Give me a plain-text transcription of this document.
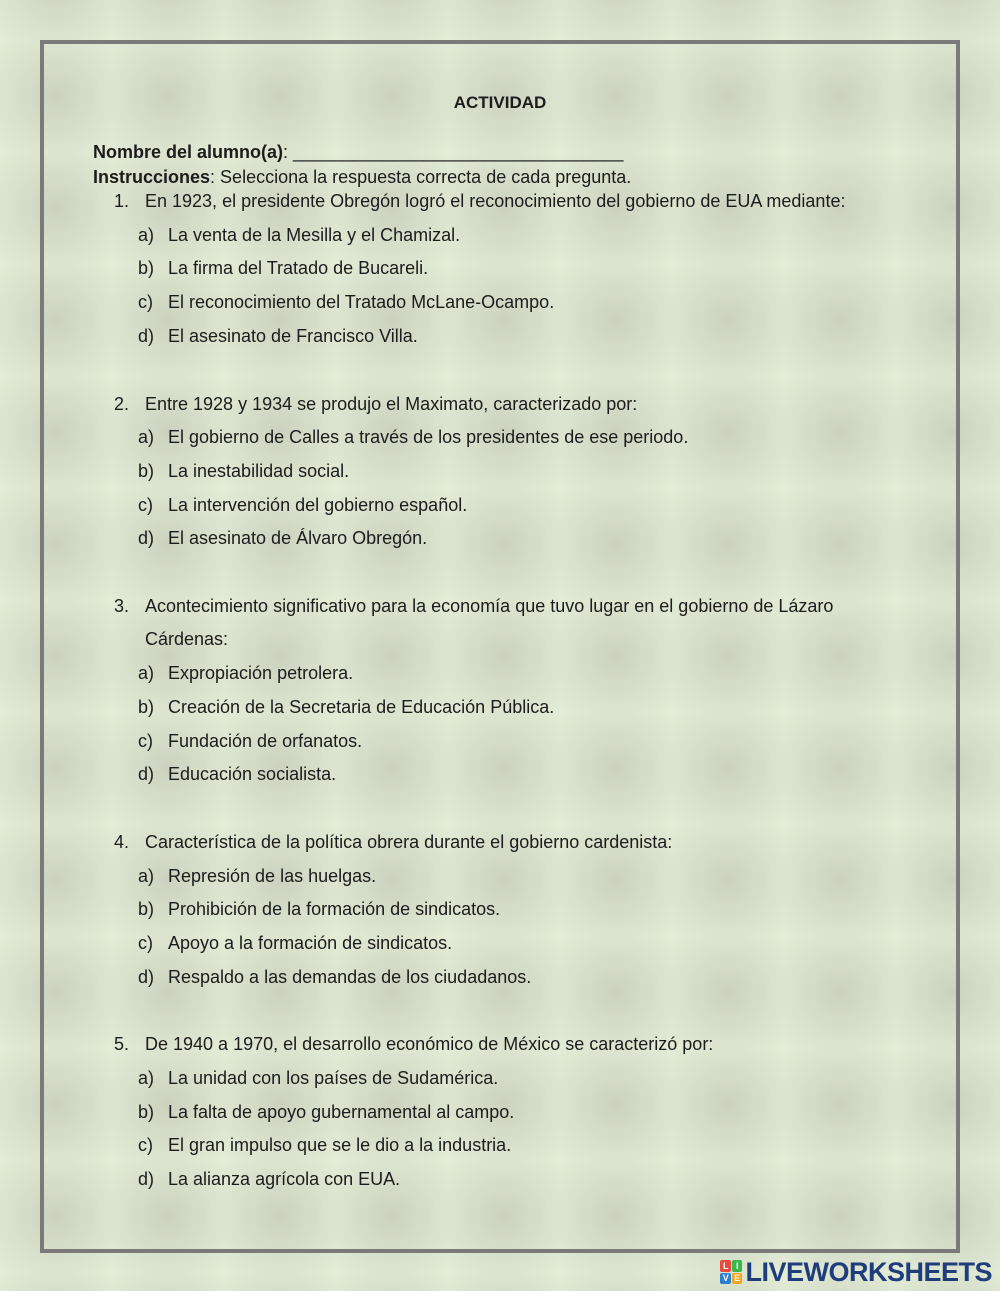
ACTIVIDAD
Nombre del alumno(a): _________________________________
Instrucciones: Selecciona la respuesta correcta de cada pregunta.
1. En 1923, el presidente Obregón logró el reconocimiento del gobierno de EUA mediante:
a) La venta de la Mesilla y el Chamizal.
b) La firma del Tratado de Bucareli.
c) El reconocimiento del Tratado McLane-Ocampo.
d) El asesinato de Francisco Villa.
2. Entre 1928 y 1934 se produjo el Maximato, caracterizado por:
a) El gobierno de Calles a través de los presidentes de ese periodo.
b) La inestabilidad social.
c) La intervención del gobierno español.
d) El asesinato de Álvaro Obregón.
3. Acontecimiento significativo para la economía que tuvo lugar en el gobierno de Lázaro
Cárdenas:
a) Expropiación petrolera.
b) Creación de la Secretaria de Educación Pública.
c) Fundación de orfanatos.
d) Educación socialista.
4. Característica de la política obrera durante el gobierno cardenista:
a) Represión de las huelgas.
b) Prohibición de la formación de sindicatos.
c) Apoyo a la formación de sindicatos.
d) Respaldo a las demandas de los ciudadanos.
5. De 1940 a 1970, el desarrollo económico de México se caracterizó por:
a) La unidad con los países de Sudamérica.
b) La falta de apoyo gubernamental al campo.
c) El gran impulso que se le dio a la industria.
d) La alianza agrícola con EUA.
L I
V E LIVEWORKSHEETS
